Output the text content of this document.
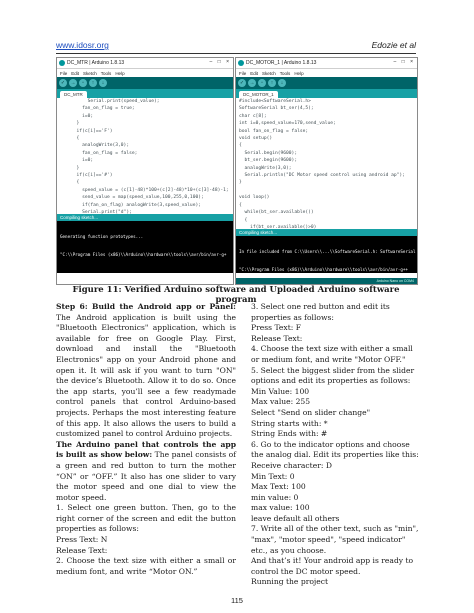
www.idosr.org	Edozie et al
DC_MTR | Arduino 1.8.13	– □ ×
File Edit Sketch Tools Help
✓	→	▫	↑	↓
DC_MTR
Serial.print(speed_value);
fan_on_flag = true;
i=0;
}
if(c[i]=='F')
{
analogWrite(3,0);
fan_on_flag = false;
i=0;
}
if(c[i]=='#')
{
speed_value = (c[1]-48)*100+(c[2]-48)*10+(c[3]-48)-1;
send_value = map(speed_value,100,255,0,100);
if(fan_on_flag) analogWrite(3,speed_value);
Serial.print("d");
Compiling sketch...

Generating function prototypes...

"C:\\Program Files (x86)\\Arduino\\hardware\\tools\\avr/bin/avr-g+

DC_MOTOR_1 | Arduino 1.8.13	– □ ×
File Edit Sketch Tools Help
✓	→	▫	↑	↓
DC_MOTOR_1
#include<SoftwareSerial.h>
SoftwareSerial bt_ser(4,5);
char c[8];
int i=0,speed_value=170,send_value;
bool fan_on_flag = false;
void setup()
{
Serial.begin(9600);
bt_ser.begin(9600);
analogWrite(3,0);
Serial.println("DC Motor speed control using android ap");
}

void loop()
{
while(bt_ser.available())
{
if(bt_ser.available()>0)
Compiling sketch...

In file included from C:\\Users\\...\\SoftwareSerial.h: SoftwareSerial

"C:\\Program Files (x86)\\Arduino\\hardware\\tools\\avr/bin/avr-g++

Arduino Nano on COM4
Figure 11: Verified Arduino software and Uploaded Arduino software program

Step 6: Build the Android app or Panel: The Android application is built using the "Bluetooth Electronics" application, which is available for free on Google Play. First, download and install the "Bluetooth Electronics" app on your Android phone and open it. It will ask if you want to turn "ON" the device’s Bluetooth. Allow it to do so. Once the app starts, you’ll see a few readymade control panels that control Arduino-based projects. Perhaps the most interesting feature of this app. It also allows the users to build a customized panel to control Arduino projects.

The Arduino panel that controls the app is built as show below: The panel consists of a green and red button to turn the mother “ON” or “OFF.” It also has one slider to vary the motor speed and one dial to view the motor speed.

1. Select one green button. Then, go to the right corner of the screen and edit the button properties as follows:

Press Text: N

Release Text:

2. Choose the text size with either a small or medium font, and write “Motor ON.”

3. Select one red button and edit its properties as follows:

Press Text: F

Release Text:

4. Choose the text size with either a small or medium font, and write "Motor OFF."

5. Select the biggest slider from the slider options and edit its properties as follows:

Min Value: 100

Max value: 255

Select "Send on slider change"

String starts with: *

String Ends with: #

6. Go to the indicator options and choose the analog dial. Edit its properties like this:

Receive character: D

Min Text: 0

Max Text: 100

min value: 0

max value: 100

leave default all others

7. Write all of the other text, such as "min", "max", "motor speed", "speed indicator" etc., as you choose.

And that’s it! Your android app is ready to control the DC motor speed.

Running the project

115
